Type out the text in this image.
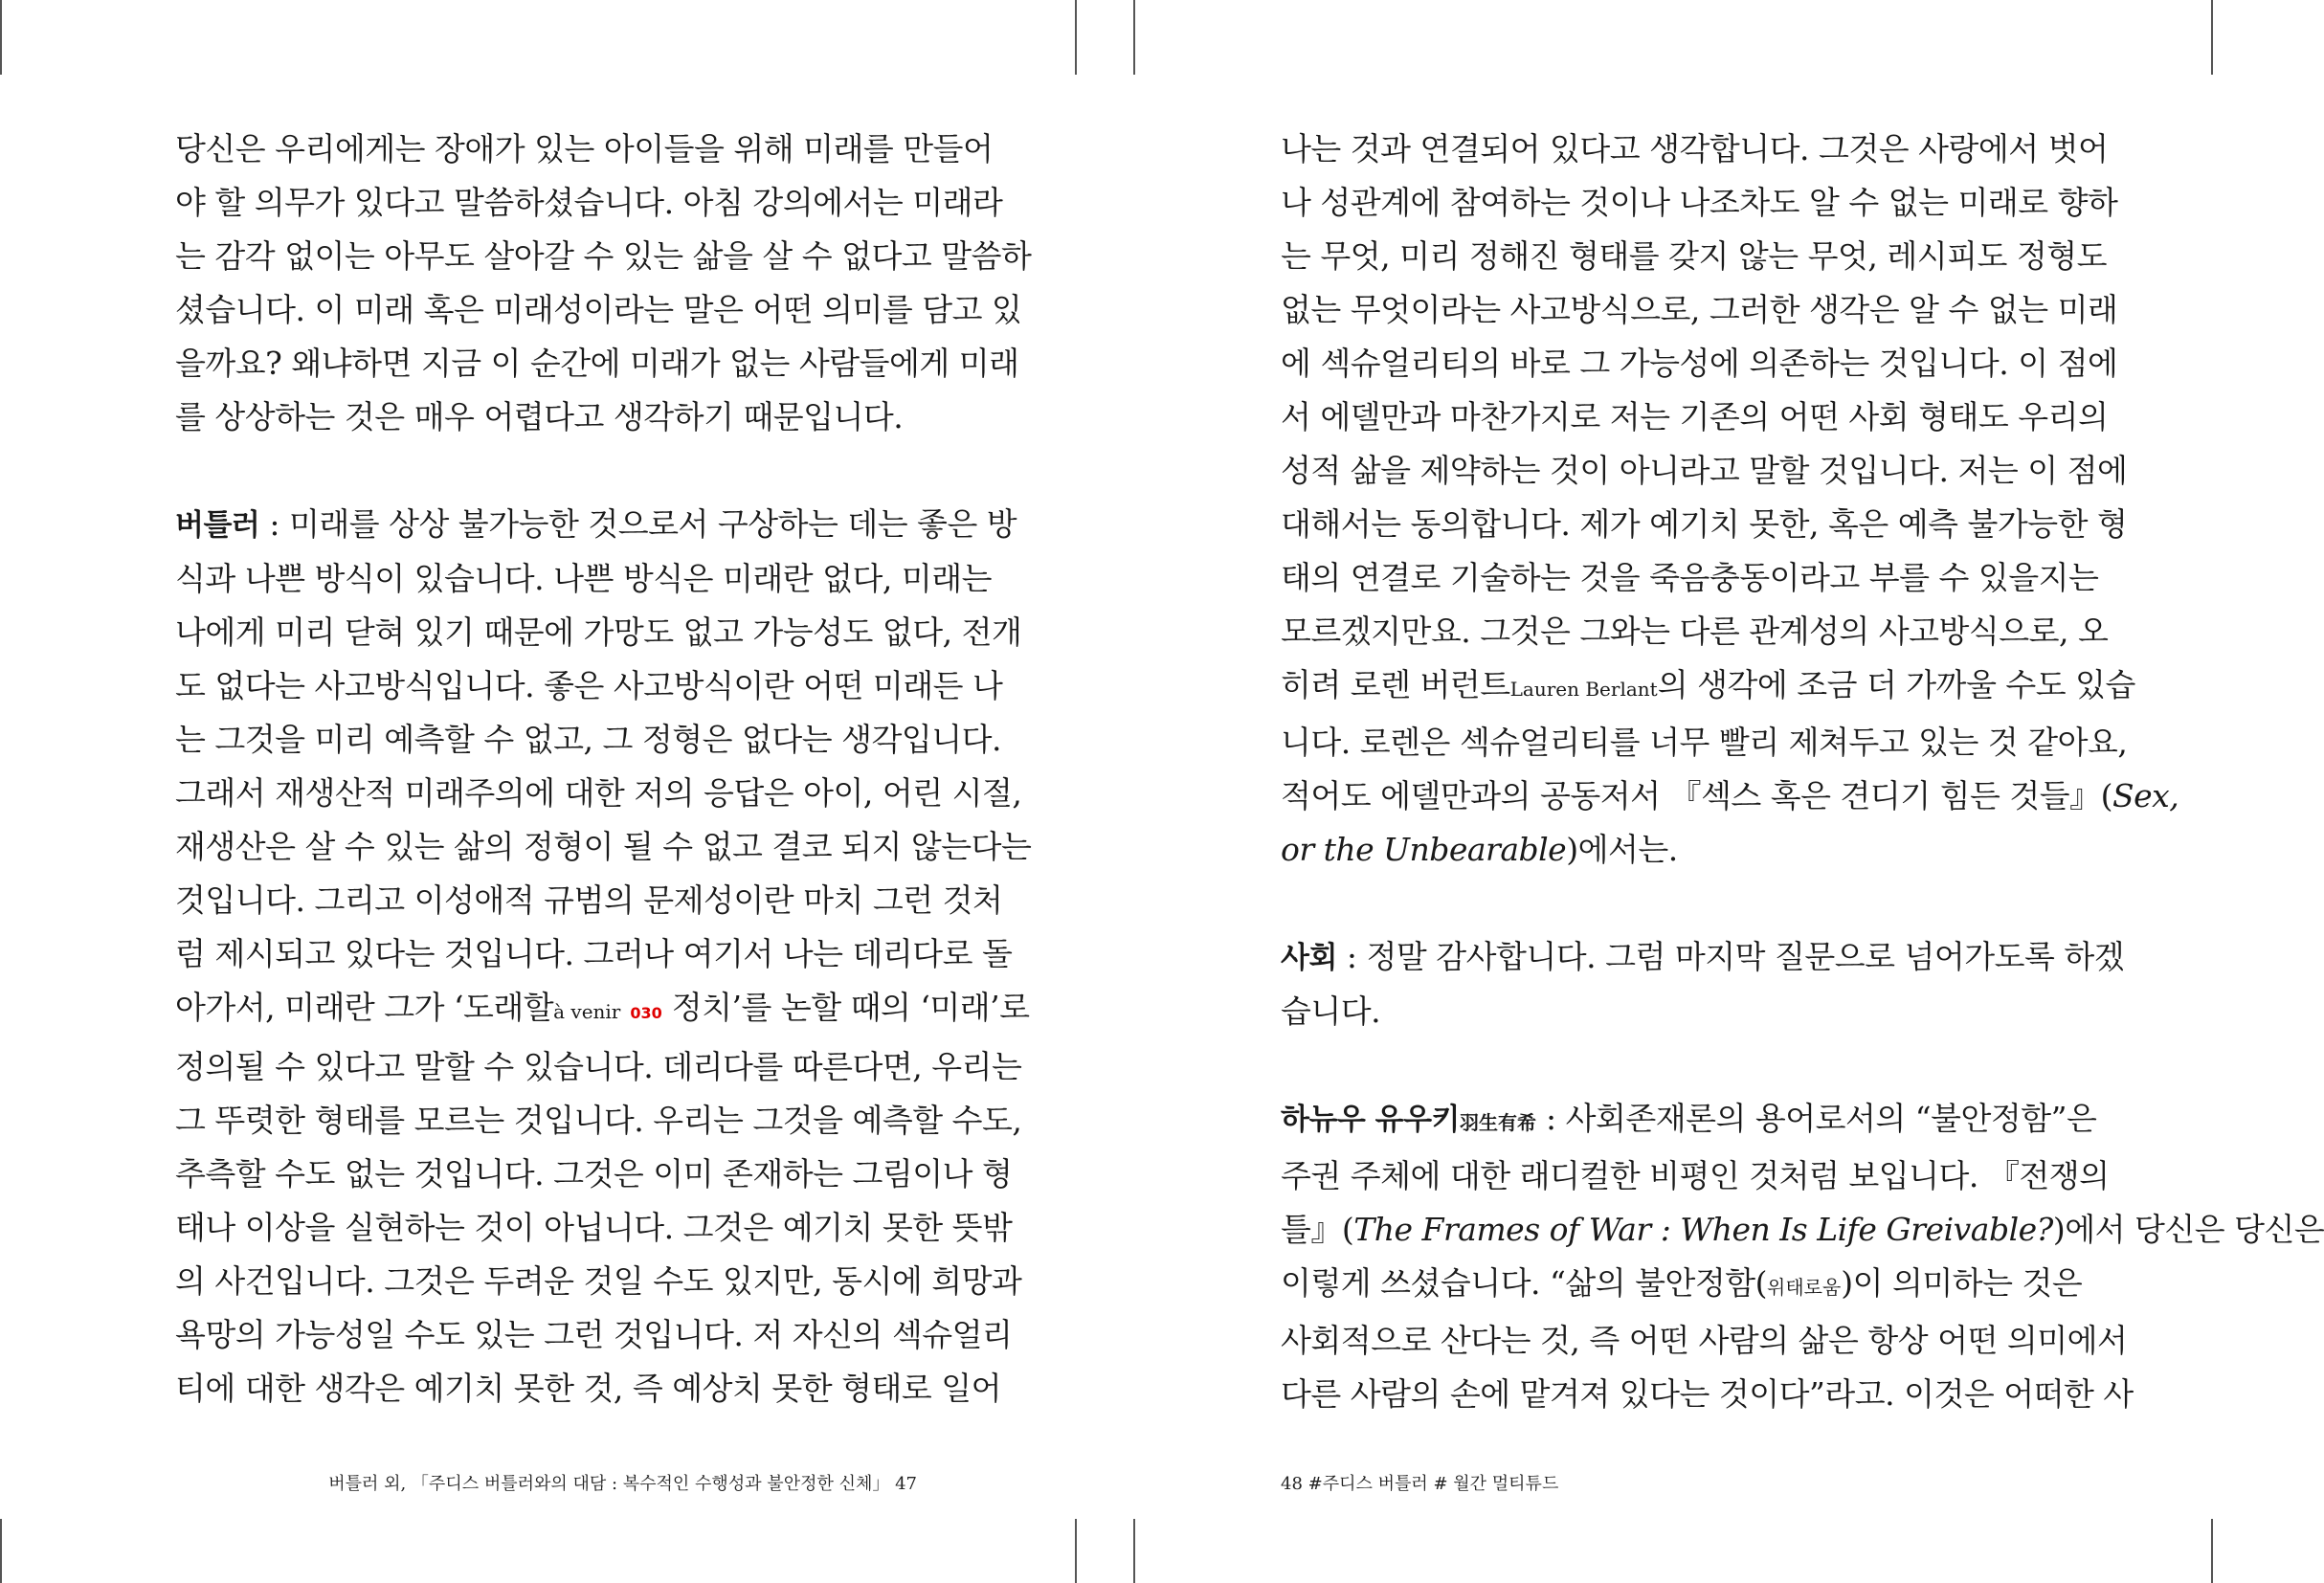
당신은 우리에게는 장애가 있는 아이들을 위해 미래를 만들어
야 할 의무가 있다고 말씀하셨습니다. 아침 강의에서는 미래라
는 감각 없이는 아무도 살아갈 수 있는 삶을 살 수 없다고 말씀하
셨습니다. 이 미래 혹은 미래성이라는 말은 어떤 의미를 담고 있
을까요? 왜냐하면 지금 이 순간에 미래가 없는 사람들에게 미래
를 상상하는 것은 매우 어렵다고 생각하기 때문입니다.
버틀러 : 미래를 상상 불가능한 것으로서 구상하는 데는 좋은 방
식과 나쁜 방식이 있습니다. 나쁜 방식은 미래란 없다, 미래는
나에게 미리 닫혀 있기 때문에 가망도 없고 가능성도 없다, 전개
도 없다는 사고방식입니다. 좋은 사고방식이란 어떤 미래든 나
는 그것을 미리 예측할 수 없고, 그 정형은 없다는 생각입니다.
그래서 재생산적 미래주의에 대한 저의 응답은 아이, 어린 시절,
재생산은 살 수 있는 삶의 정형이 될 수 없고 결코 되지 않는다는
것입니다. 그리고 이성애적 규범의 문제성이란 마치 그런 것처
럼 제시되고 있다는 것입니다. 그러나 여기서 나는 데리다로 돌
아가서, 미래란 그가 ‘도래할à venir 030 정치’를 논할 때의 ‘미래’로
정의될 수 있다고 말할 수 있습니다. 데리다를 따른다면, 우리는
그 뚜렷한 형태를 모르는 것입니다. 우리는 그것을 예측할 수도,
추측할 수도 없는 것입니다. 그것은 이미 존재하는 그림이나 형
태나 이상을 실현하는 것이 아닙니다. 그것은 예기치 못한 뜻밖
의 사건입니다. 그것은 두려운 것일 수도 있지만, 동시에 희망과
욕망의 가능성일 수도 있는 그런 것입니다. 저 자신의 섹슈얼리
티에 대한 생각은 예기치 못한 것, 즉 예상치 못한 형태로 일어
버틀러 외, 「주디스 버틀러와의 대담 : 복수적인 수행성과 불안정한 신체」 47
나는 것과 연결되어 있다고 생각합니다. 그것은 사랑에서 벗어
나 성관계에 참여하는 것이나 나조차도 알 수 없는 미래로 향하
는 무엇, 미리 정해진 형태를 갖지 않는 무엇, 레시피도 정형도
없는 무엇이라는 사고방식으로, 그러한 생각은 알 수 없는 미래
에 섹슈얼리티의 바로 그 가능성에 의존하는 것입니다. 이 점에
서 에델만과 마찬가지로 저는 기존의 어떤 사회 형태도 우리의
성적 삶을 제약하는 것이 아니라고 말할 것입니다. 저는 이 점에
대해서는 동의합니다. 제가 예기치 못한, 혹은 예측 불가능한 형
태의 연결로 기술하는 것을 죽음충동이라고 부를 수 있을지는
모르겠지만요. 그것은 그와는 다른 관계성의 사고방식으로, 오
히려 로렌 버런트Lauren Berlant의 생각에 조금 더 가까울 수도 있습
니다. 로렌은 섹슈얼리티를 너무 빨리 제쳐두고 있는 것 같아요,
적어도 에델만과의 공동저서 『섹스 혹은 견디기 힘든 것들』(Sex,
or the Unbearable)에서는.
사회 : 정말 감사합니다. 그럼 마지막 질문으로 넘어가도록 하겠
습니다.
하뉴우 유우키羽生有希 : 사회존재론의 용어로서의 “불안정함”은
주권 주체에 대한 래디컬한 비평인 것처럼 보입니다. 『전쟁의
틀』(The Frames of War : When Is Life Greivable?)에서 당신은 당신은
이렇게 쓰셨습니다. “삶의 불안정함(위태로움)이 의미하는 것은
사회적으로 산다는 것, 즉 어떤 사람의 삶은 항상 어떤 의미에서
다른 사람의 손에 맡겨져 있다는 것이다”라고. 이것은 어떠한 사
48 #주디스 버틀러 # 월간 멀티튜드
